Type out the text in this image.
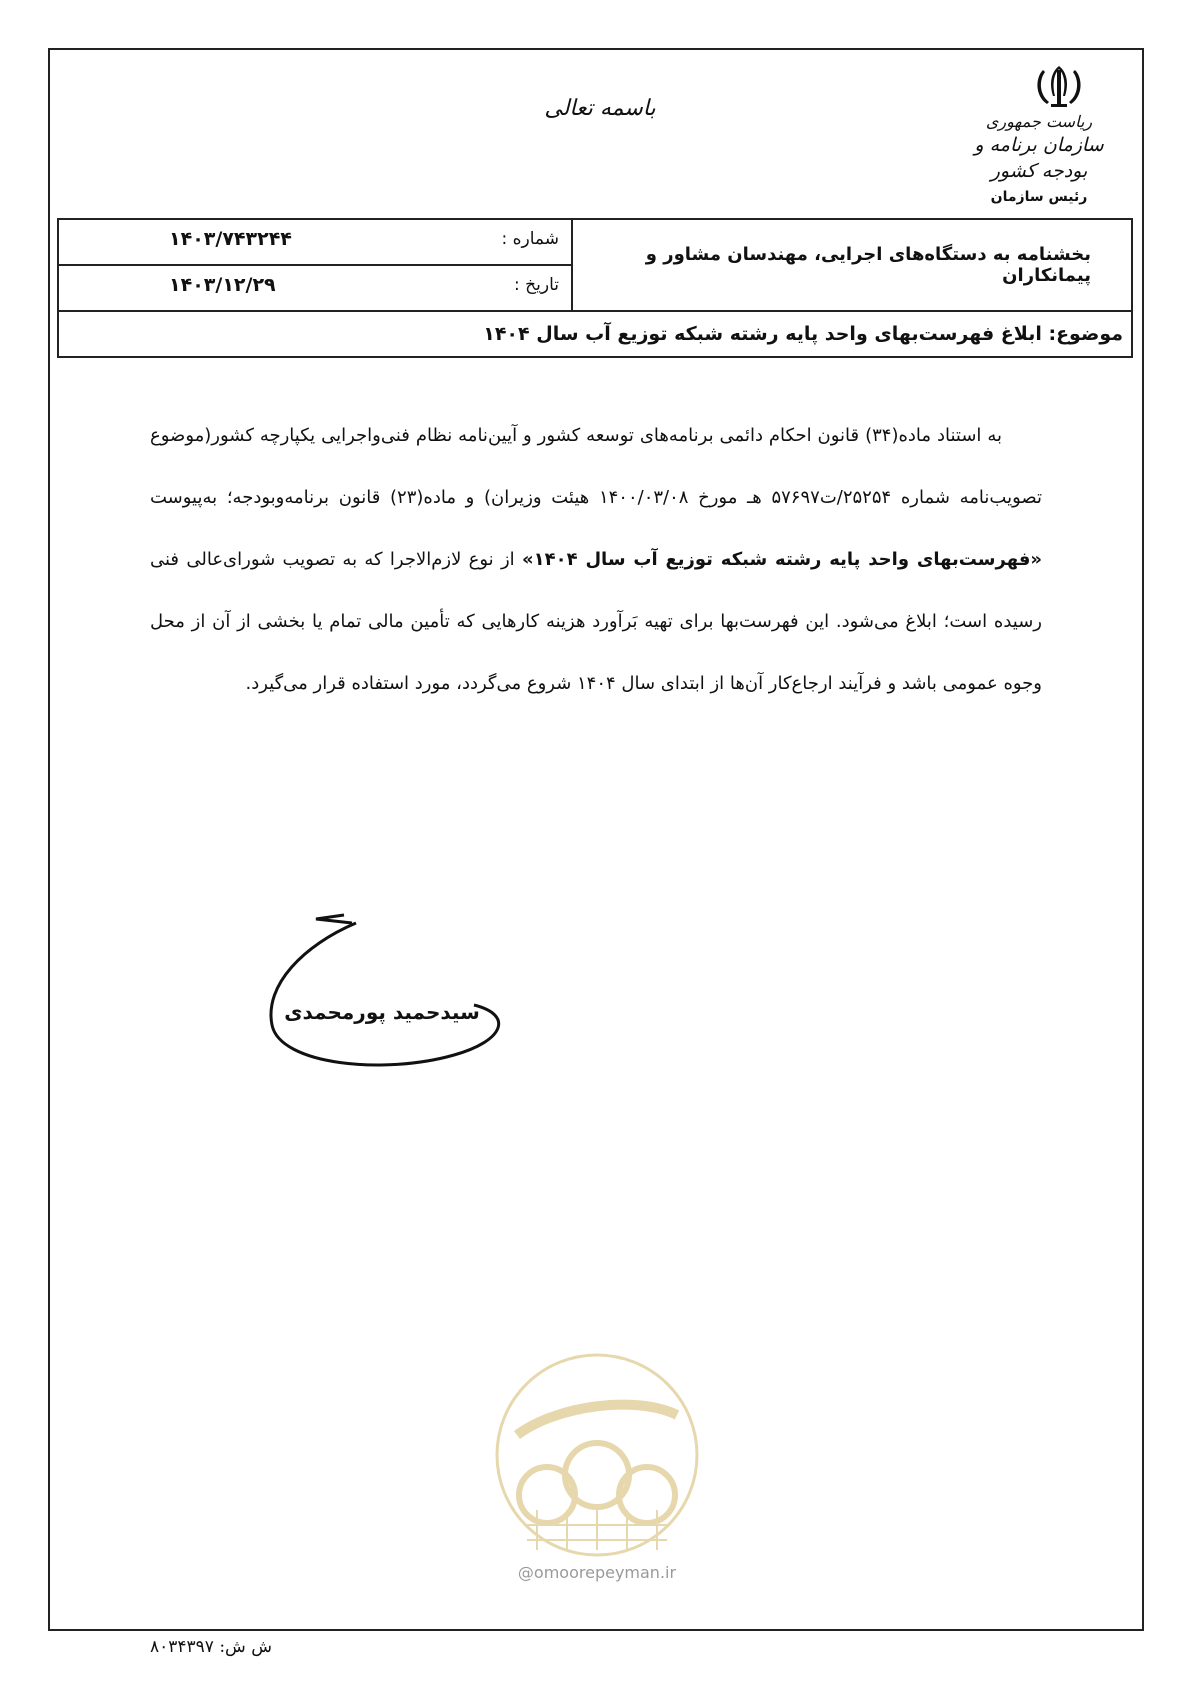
ریاست جمهوری
سازمان برنامه و بودجه کشور
رئیس سازمان
باسمه تعالی
بخشنامه به دستگاه‌های اجرایی، مهندسان مشاور و پیمانکاران
شماره :
۱۴۰۳/۷۴۳۲۴۴
تاریخ :
۱۴۰۳/۱۲/۲۹
موضوع: ابلاغ فهرست‌بهای واحد پایه رشته شبکه توزیع آب سال ۱۴۰۴

به استناد ماده(۳۴) قانون احکام دائمی برنامه‌های توسعه کشور و آیین‌نامه نظام فنی‌واجرایی یکپارچه کشور(موضوع تصویب‌نامه شماره ۲۵۲۵۴/ت۵۷۶۹۷ هـ مورخ ۱۴۰۰/۰۳/۰۸ هیئت وزیران) و ماده(۲۳) قانون برنامه‌وبودجه؛ به‌پیوست «فهرست‌بهای واحد پایه رشته شبکه توزیع آب سال ۱۴۰۴» از نوع لازم‌الاجرا که به تصویب شورای‌عالی فنی رسیده است؛ ابلاغ می‌شود. این فهرست‌بها برای تهیه بَرآورد هزینه کارهایی که تأمین مالی تمام یا بخشی از آن از محل وجوه عمومی باشد و فرآیند ارجاع‌کار آن‌ها از ابتدای سال ۱۴۰۴ شروع می‌گردد، مورد استفاده قرار می‌گیرد.

سیدحمید پورمحمدی
@omoorepeyman.ir
ش ش: ۸۰۳۴۳۹۷
